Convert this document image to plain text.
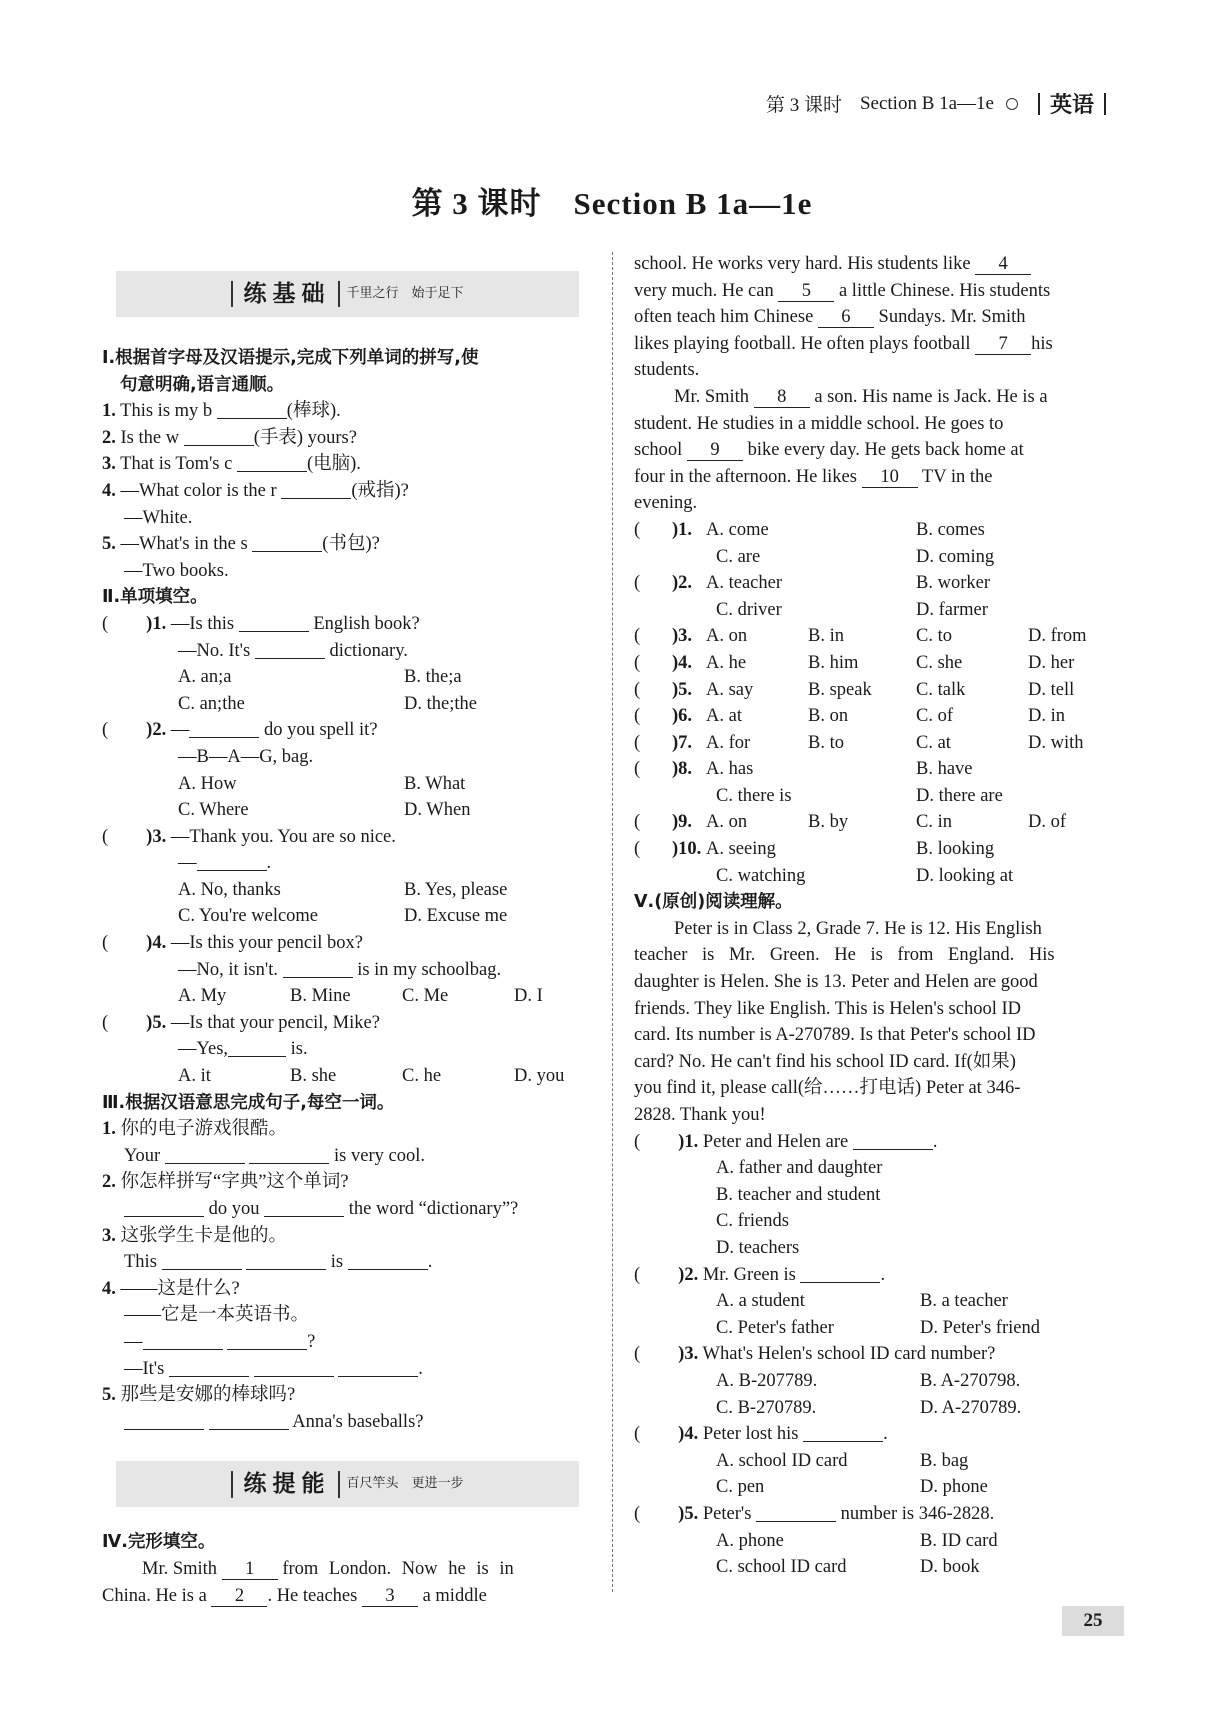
第 3 课时 Section B 1a—1e	英语
第 3 课时　Section B 1a—1e
练基础	千里之行　始于足下
Ⅰ.根据首字母及汉语提示,完成下列单词的拼写,使
句意明确,语言通顺。
1. This is my b	(棒球).
2. Is the w	(手表) yours?
3. That is Tom's c	(电脑).
4. —What color is the r	(戒指)?
—White.
5. —What's in the s	(书包)?
—Two books.
Ⅱ.单项填空。
( )1. —Is this	English book?
—No. It's	dictionary.
A. an;a	B. the;a
C. an;the	D. the;the
( )2. —	do you spell it?
—B—A—G, bag.
A. How	B. What
C. Where	D. When
( )3. —Thank you. You are so nice.
—	.
A. No, thanks	B. Yes, please
C. You're welcome	D. Excuse me
( )4. —Is this your pencil box?
—No, it isn't.	is in my schoolbag.
A. My	B. Mine	C. Me	D. I
( )5. —Is that your pencil, Mike?
—Yes,	is.
A. it	B. she	C. he	D. you
Ⅲ.根据汉语意思完成句子,每空一词。
1. 你的电子游戏很酷。
Your	is very cool.
2. 你怎样拼写“字典”这个单词?
do you	the word “dictionary”?
3. 这张学生卡是他的。
This	is	.
4. ——这是什么?
——它是一本英语书。
—	?
—It's	.
5. 那些是安娜的棒球吗?
Anna's baseballs?
练提能	百尺竿头　更进一步
Ⅳ.完形填空。
Mr. Smith 1 from London. Now he is in
China. He is a 2 . He teaches 3 a middle
school. He works very hard. His students like 4
very much. He can 5 a little Chinese. His students
often teach him Chinese 6 Sundays. Mr. Smith
likes playing football. He often plays football 7 his
students.
Mr. Smith 8 a son. His name is Jack. He is a
student. He studies in a middle school. He goes to
school 9 bike every day. He gets back home at
four in the afternoon. He likes 10 TV in the
evening.
(	)1. A. come	B. comes
C. are	D. coming
(	)2. A. teacher	B. worker
C. driver	D. farmer
(	)3. A. on	B. in	C. to	D. from
(	)4. A. he	B. him	C. she	D. her
(	)5. A. say	B. speak	C. talk	D. tell
(	)6. A. at	B. on	C. of	D. in
(	)7. A. for	B. to	C. at	D. with
(	)8. A. has	B. have
C. there is	D. there are
(	)9. A. on	B. by	C. in	D. of
(	)10. A. seeing	B. looking
C. watching	D. looking at
Ⅴ.(原创)阅读理解。
Peter is in Class 2, Grade 7. He is 12. His English
teacher is Mr. Green. He is from England. His
daughter is Helen. She is 13. Peter and Helen are good
friends. They like English. This is Helen's school ID
card. Its number is A-270789. Is that Peter's school ID
card? No. He can't find his school ID card. If(如果)
you find it, please call(给……打电话) Peter at 346-
2828. Thank you!
( )1. Peter and Helen are	.
A. father and daughter
B. teacher and student
C. friends
D. teachers
( )2. Mr. Green is	.
A. a student	B. a teacher
C. Peter's father	D. Peter's friend
( )3. What's Helen's school ID card number?
A. B-207789.	B. A-270798.
C. B-270789.	D. A-270789.
( )4. Peter lost his	.
A. school ID card	B. bag
C. pen	D. phone
( )5. Peter's	number is 346-2828.
A. phone	B. ID card
C. school ID card	D. book
25
